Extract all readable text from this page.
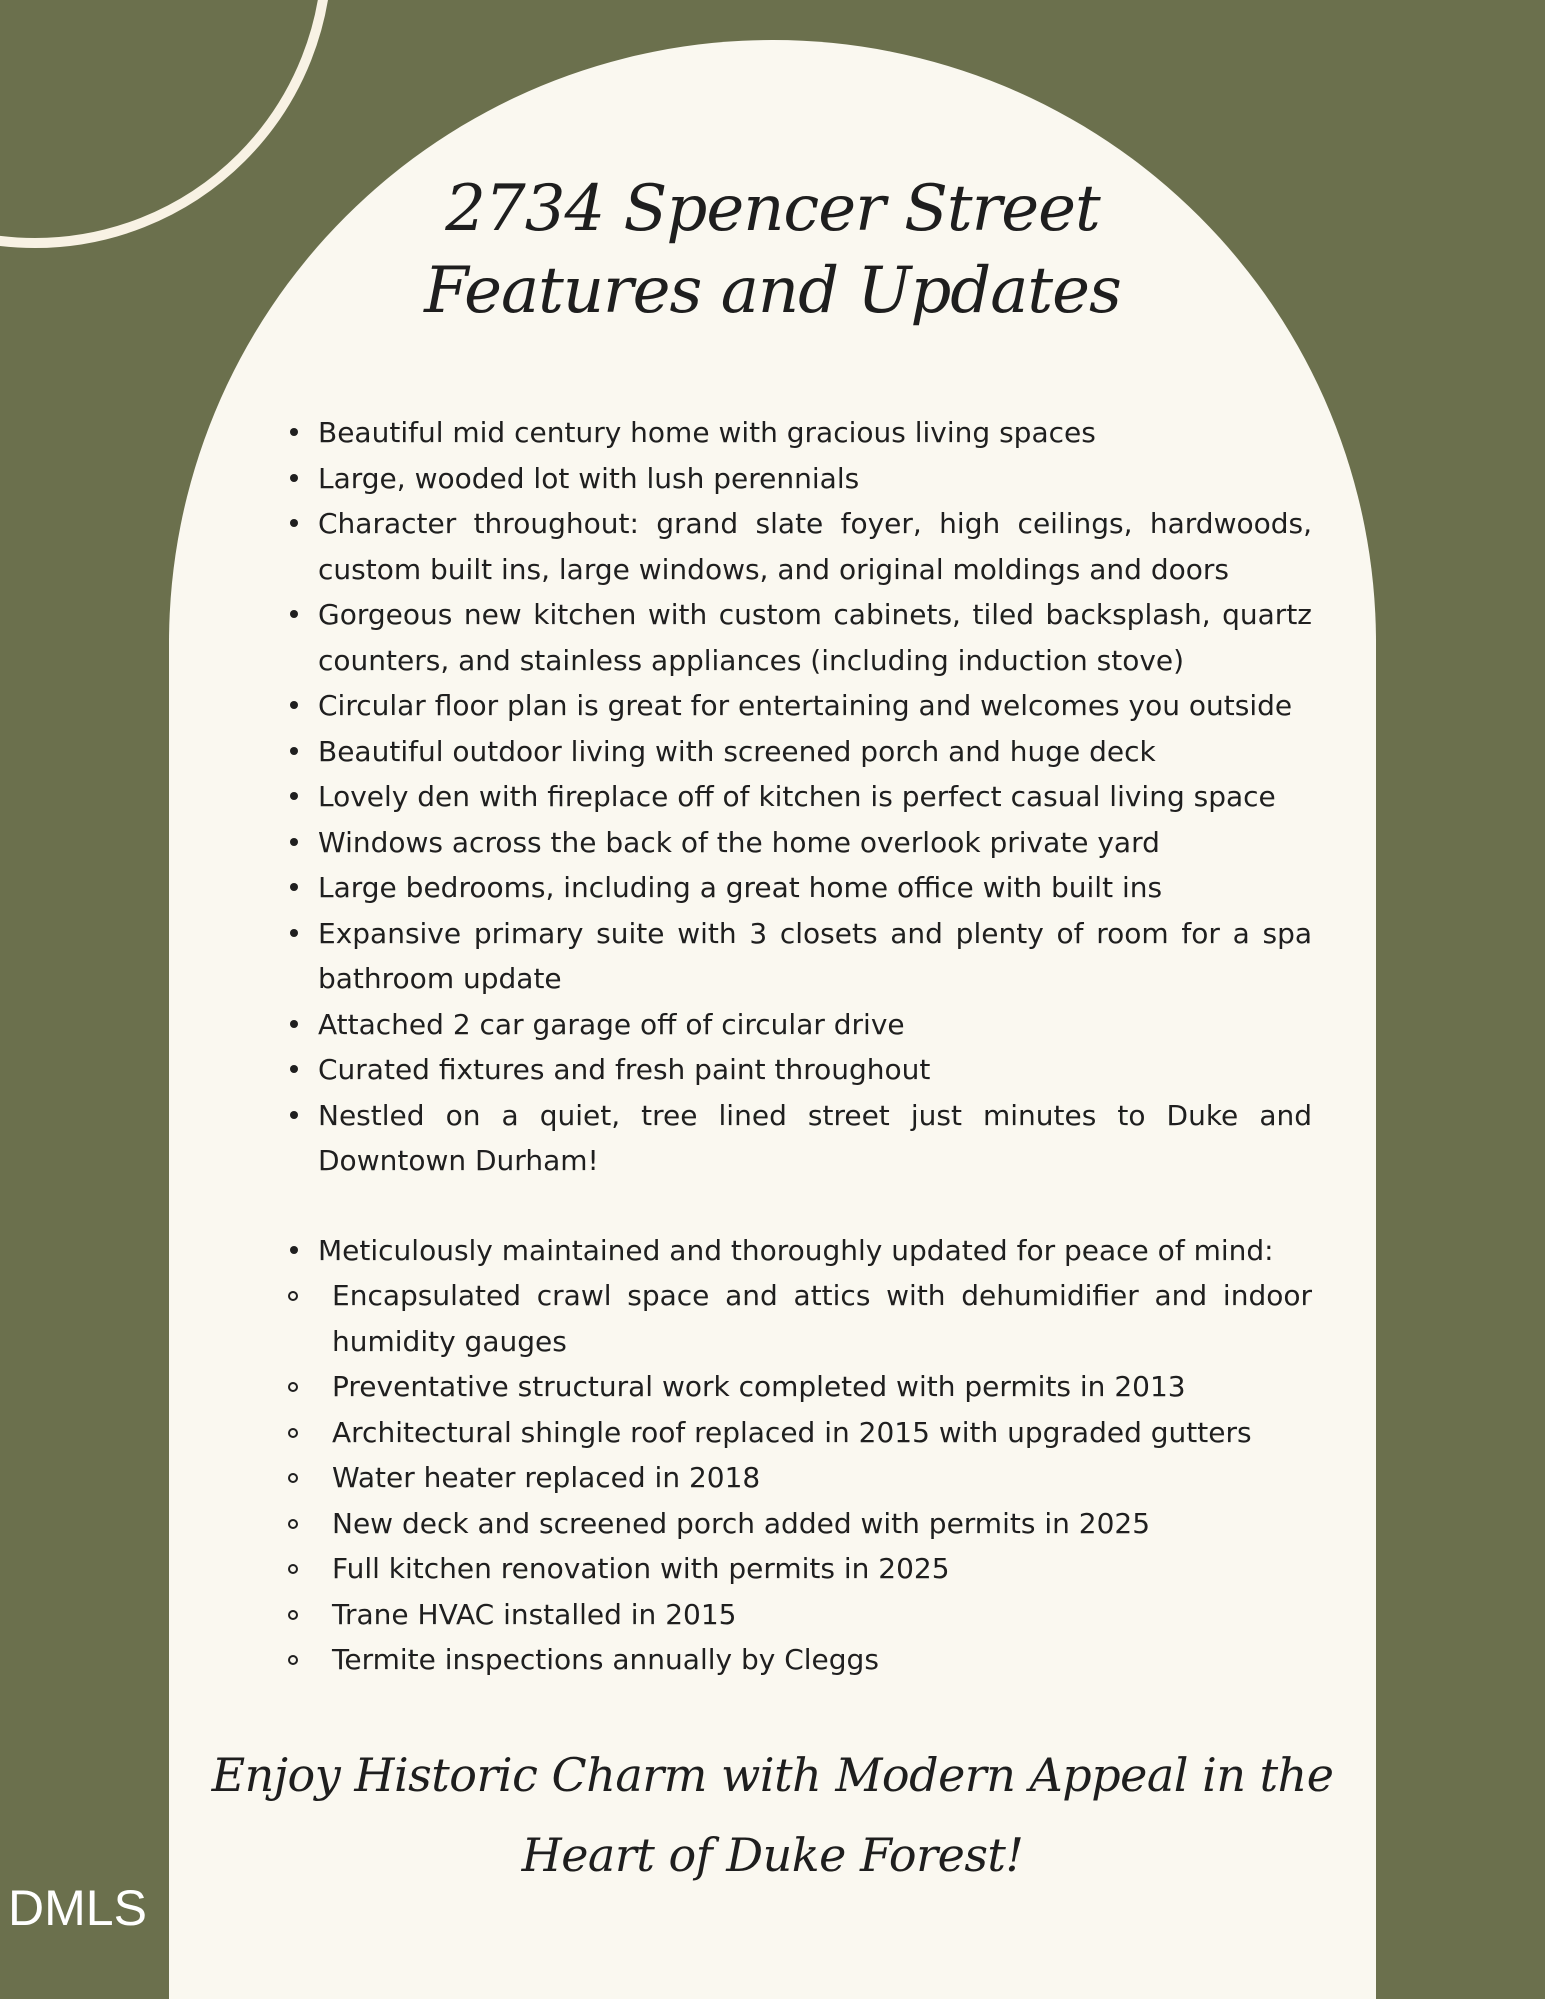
2734 Spencer Street
Features and Updates
Beautiful mid century home with gracious living spaces
Large, wooded lot with lush perennials
Character throughout: grand slate foyer, high ceilings, hardwoods, custom built ins, large windows, and original moldings and doors
Gorgeous new kitchen with custom cabinets, tiled backsplash, quartz counters, and stainless appliances (including induction stove)
Circular floor plan is great for entertaining and welcomes you outside
Beautiful outdoor living with screened porch and huge deck
Lovely den with fireplace off of kitchen is perfect casual living space
Windows across the back of the home overlook private yard
Large bedrooms, including a great home office with built ins
Expansive primary suite with 3 closets and plenty of room for a spa bathroom update
Attached 2 car garage off of circular drive
Curated fixtures and fresh paint throughout
Nestled on a quiet, tree lined street just minutes to Duke and Downtown Durham!
Meticulously maintained and thoroughly updated for peace of mind:
Encapsulated crawl space and attics with dehumidifier and indoor humidity gauges
Preventative structural work completed with permits in 2013
Architectural shingle roof replaced in 2015 with upgraded gutters
Water heater replaced in 2018
New deck and screened porch added with permits in 2025
Full kitchen renovation with permits in 2025
Trane HVAC installed in 2015
Termite inspections annually by Cleggs
Enjoy Historic Charm with Modern Appeal in the
Heart of Duke Forest!
DMLS
